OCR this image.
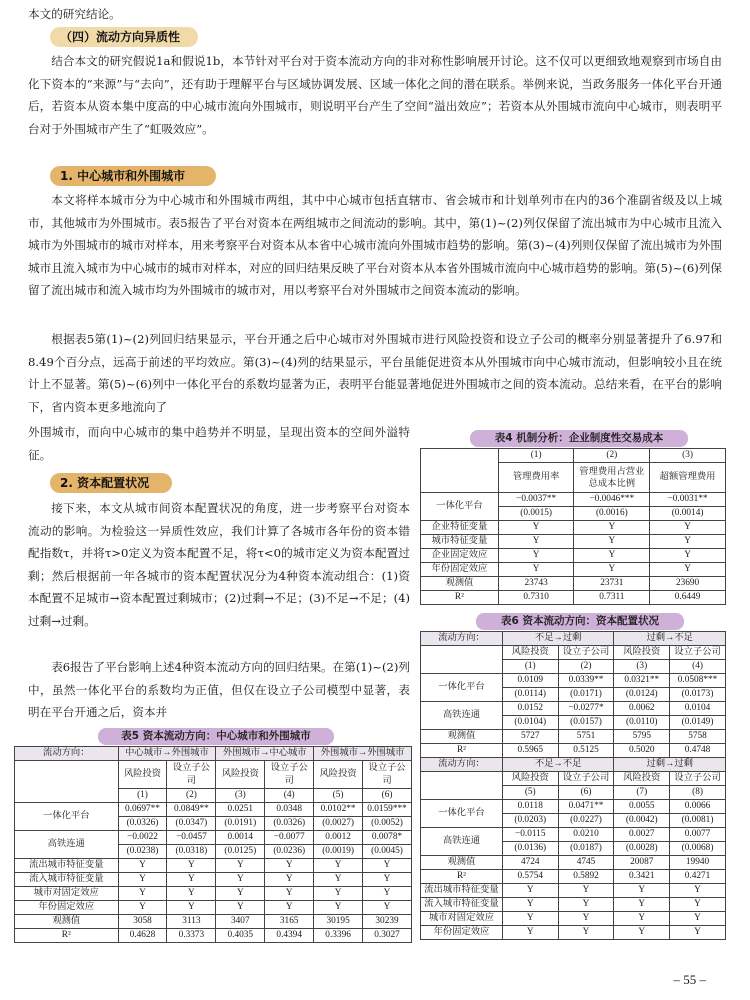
本文的研究结论。
（四）流动方向异质性
结合本文的研究假说1a和假说1b，本节针对平台对于资本流动方向的非对称性影响展开讨论。这不仅可以更细致地观察到市场自由化下资本的“来源”与“去向”，还有助于理解平台与区域协调发展、区域一体化之间的潜在联系。举例来说，当政务服务一体化平台开通后，若资本从资本集中度高的中心城市流向外围城市，则说明平台产生了空间“溢出效应”；若资本从外围城市流向中心城市，则表明平台对于外围城市产生了“虹吸效应”。
1. 中心城市和外围城市
本文将样本城市分为中心城市和外围城市两组，其中中心城市包括直辖市、省会城市和计划单列市在内的36个准副省级及以上城市，其他城市为外围城市。表5报告了平台对资本在两组城市之间流动的影响。其中，第(1)~(2)列仅保留了流出城市为中心城市且流入城市为外围城市的城市对样本，用来考察平台对资本从本省中心城市流向外围城市趋势的影响。第(3)~(4)列则仅保留了流出城市为外围城市且流入城市为中心城市的城市对样本，对应的回归结果反映了平台对资本从本省外围城市流向中心城市趋势的影响。第(5)~(6)列保留了流出城市和流入城市均为外围城市的城市对，用以考察平台对外围城市之间资本流动的影响。
根据表5第(1)~(2)列回归结果显示，平台开通之后中心城市对外围城市进行风险投资和设立子公司的概率分别显著提升了6.97和8.49个百分点，远高于前述的平均效应。第(3)~(4)列的结果显示，平台虽能促进资本从外围城市向中心城市流动，但影响较小且在统计上不显著。第(5)~(6)列中一体化平台的系数均显著为正，表明平台能显著地促进外围城市之间的资本流动。总结来看，在平台的影响下，省内资本更多地流向了
外围城市，而向中心城市的集中趋势并不明显，呈现出资本的空间外溢特征。
2. 资本配置状况
接下来，本文从城市间资本配置状况的角度，进一步考察平台对资本流动的影响。为检验这一异质性效应，我们计算了各城市各年份的资本错配指数τ，并将τ>0定义为资本配置不足，将τ<0的城市定义为资本配置过剩；然后根据前一年各城市的资本配置状况分为4种资本流动组合：(1)资本配置不足城市→资本配置过剩城市；(2)过剩→不足；(3)不足→不足；(4)过剩→过剩。
表6报告了平台影响上述4种资本流动方向的回归结果。在第(1)~(2)列中，虽然一体化平台的系数均为正值，但仅在设立子公司模型中显著，表明在平台开通之后，资本并
表4 机制分析：企业制度性交易成本
	(1)	(2)	(3)
	管理费用率	管理费用占营业总成本比例	超额管理费用
一体化平台	−0.0037**	−0.0046***	−0.0031**
	(0.0015)	(0.0016)	(0.0014)
企业特征变量	Y	Y	Y
城市特征变量	Y	Y	Y
企业固定效应	Y	Y	Y
年份固定效应	Y	Y	Y
观测值	23743	23731	23690
R²	0.7310	0.7311	0.6449
表6 资本流动方向：资本配置状况
流动方向：	不足→过剩		过剩→不足	
	风险投资	设立子公司	风险投资	设立子公司
	(1)	(2)	(3)	(4)
一体化平台	0.0109	0.0339**	0.0321**	0.0508***
	(0.0114)	(0.0171)	(0.0124)	(0.0173)
高铁连通	0.0152	−0.0277*	0.0062	0.0104
	(0.0104)	(0.0157)	(0.0110)	(0.0149)
观测值	5727	5751	5795	5758
R²	0.5965	0.5125	0.5020	0.4748
流动方向：	不足→不足		过剩→过剩	
	风险投资	设立子公司	风险投资	设立子公司
	(5)	(6)	(7)	(8)
一体化平台	0.0118	0.0471**	0.0055	0.0066
	(0.0203)	(0.0227)	(0.0042)	(0.0081)
高铁连通	−0.0115	0.0210	0.0027	0.0077
	(0.0136)	(0.0187)	(0.0028)	(0.0068)
观测值	4724	4745	20087	19940
R²	0.5754	0.5892	0.3421	0.4271
流出城市特征变量	Y	Y	Y	Y
流入城市特征变量	Y	Y	Y	Y
城市对固定效应	Y	Y	Y	Y
年份固定效应	Y	Y	Y	Y
表5 资本流动方向：中心城市和外围城市
流动方向：	中心城市→外围城市		外围城市→中心城市		外围城市→外围城市	
	风险投资	设立子公司	风险投资	设立子公司	风险投资	设立子公司
	(1)	(2)	(3)	(4)	(5)	(6)
一体化平台	0.0697**	0.0849**	0.0251	0.0348	0.0102**	0.0159***
	(0.0326)	(0.0347)	(0.0191)	(0.0326)	(0.0027)	(0.0052)
高铁连通	−0.0022	−0.0457	0.0014	−0.0077	0.0012	0.0078*
	(0.0238)	(0.0318)	(0.0125)	(0.0236)	(0.0019)	(0.0045)
流出城市特征变量	Y	Y	Y	Y	Y	Y
流入城市特征变量	Y	Y	Y	Y	Y	Y
城市对固定效应	Y	Y	Y	Y	Y	Y
年份固定效应	Y	Y	Y	Y	Y	Y
观测值	3058	3113	3407	3165	30195	30239
R²	0.4628	0.3373	0.4035	0.4394	0.3396	0.3027
– 55 –
